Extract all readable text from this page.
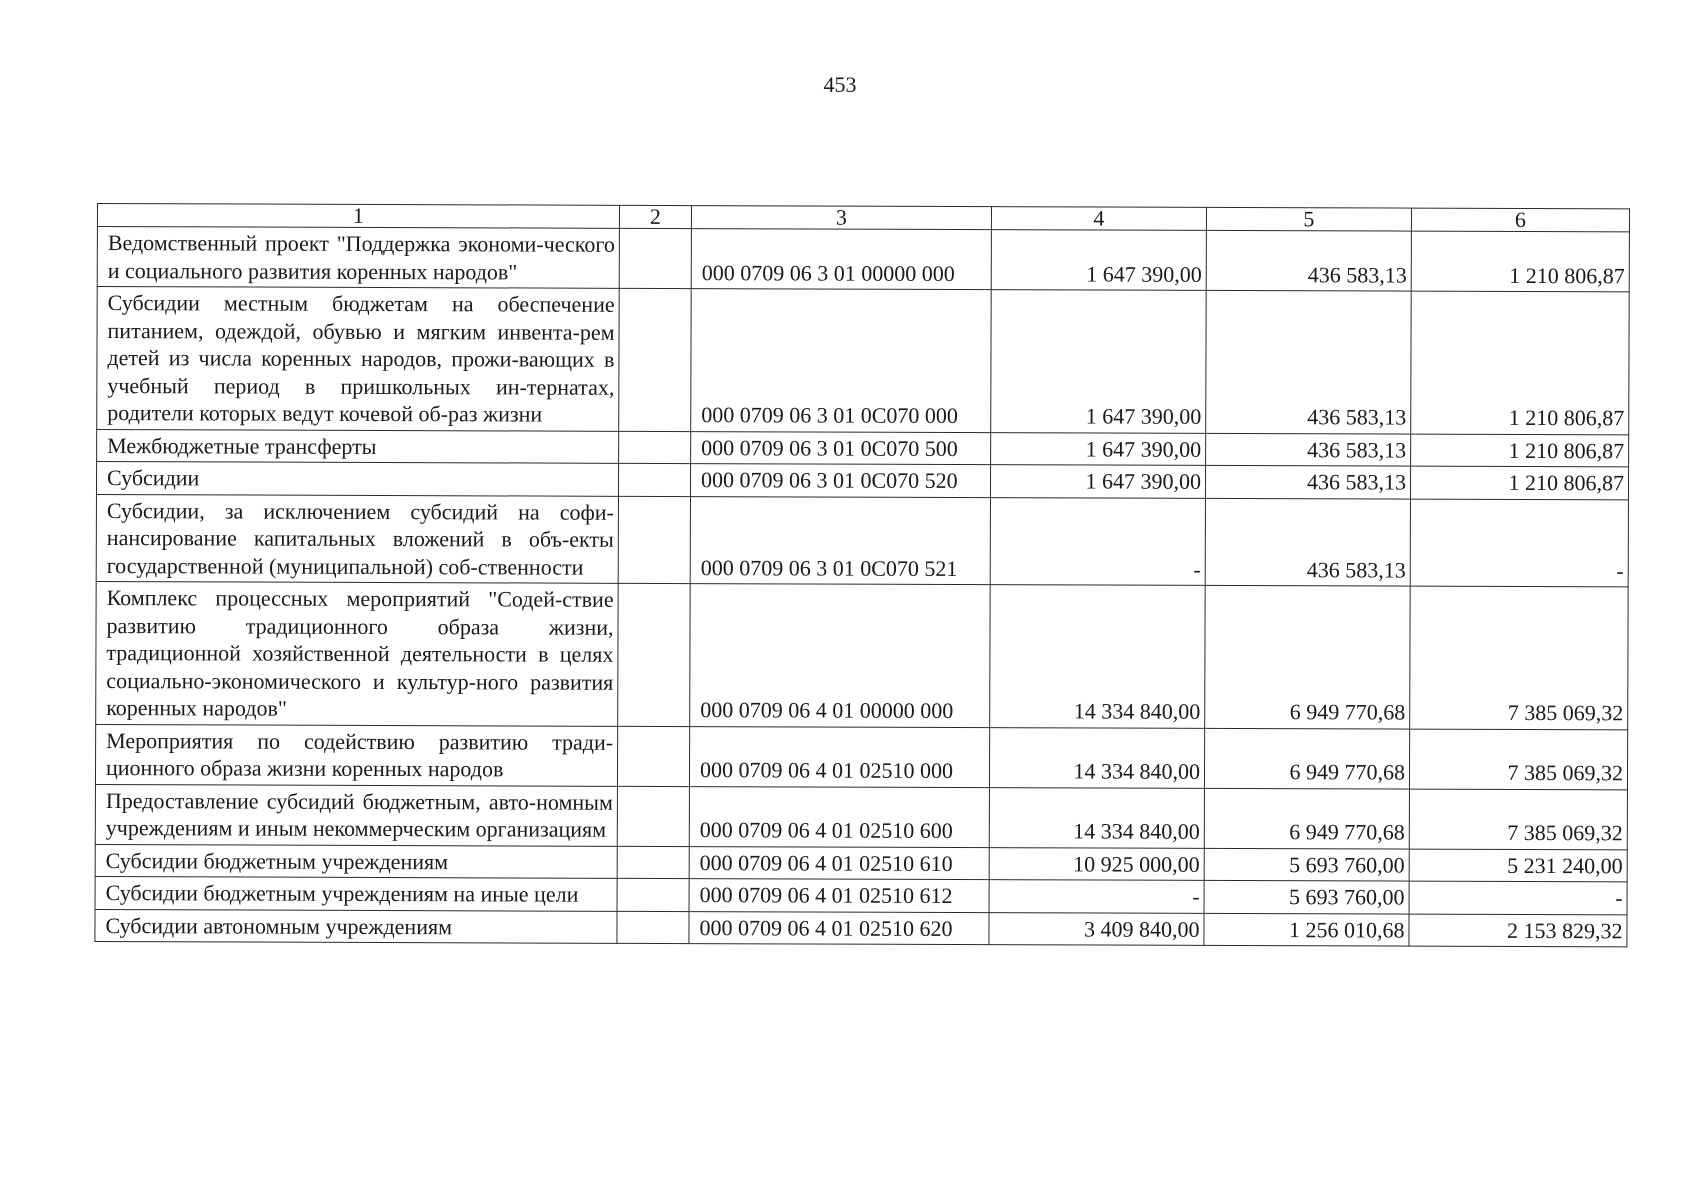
453
1	2	3	4	5	6
Ведомственный проект "Поддержка экономи-ческого и социального развития коренных народов"		000 0709 06 3 01 00000 000	1 647 390,00	436 583,13	1 210 806,87
Субсидии местным бюджетам на обеспечение питанием, одеждой, обувью и мягким инвента-рем детей из числа коренных народов, прожи-вающих в учебный период в пришкольных ин-тернатах, родители которых ведут кочевой об-раз жизни		000 0709 06 3 01 0C070 000	1 647 390,00	436 583,13	1 210 806,87
Межбюджетные трансферты		000 0709 06 3 01 0C070 500	1 647 390,00	436 583,13	1 210 806,87
Субсидии		000 0709 06 3 01 0C070 520	1 647 390,00	436 583,13	1 210 806,87
Субсидии, за исключением субсидий на софи-нансирование капитальных вложений в объ-екты государственной (муниципальной) соб-ственности		000 0709 06 3 01 0C070 521	-	436 583,13	-
Комплекс процессных мероприятий "Содей-ствие развитию традиционного образа жизни, традиционной хозяйственной деятельности в целях социально-экономического и культур-ного развития коренных народов"		000 0709 06 4 01 00000 000	14 334 840,00	6 949 770,68	7 385 069,32
Мероприятия по содействию развитию тради-ционного образа жизни коренных народов		000 0709 06 4 01 02510 000	14 334 840,00	6 949 770,68	7 385 069,32
Предоставление субсидий бюджетным, авто-номным учреждениям и иным некоммерческим организациям		000 0709 06 4 01 02510 600	14 334 840,00	6 949 770,68	7 385 069,32
Субсидии бюджетным учреждениям		000 0709 06 4 01 02510 610	10 925 000,00	5 693 760,00	5 231 240,00
Субсидии бюджетным учреждениям на иные цели		000 0709 06 4 01 02510 612	-	5 693 760,00	-
Субсидии автономным учреждениям		000 0709 06 4 01 02510 620	3 409 840,00	1 256 010,68	2 153 829,32
